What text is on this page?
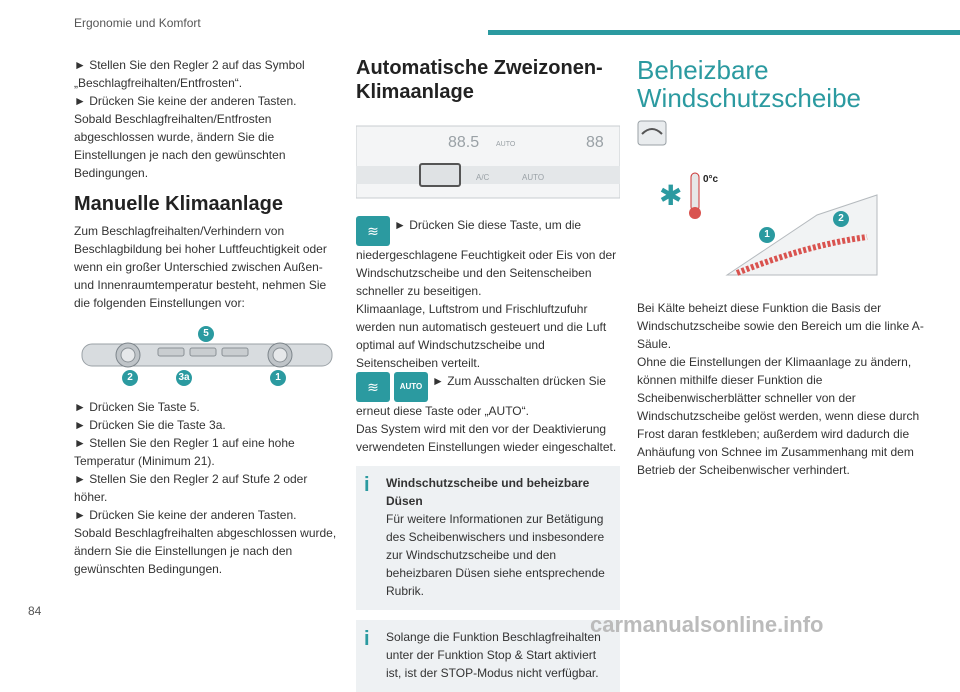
Ergonomie und Komfort

► Stellen Sie den Regler 2 auf das Symbol „Beschlagfreihalten/Entfrosten“.

► Drücken Sie keine der anderen Tasten.

Sobald Beschlagfreihalten/Entfrosten abgeschlossen wurde, ändern Sie die Einstellungen je nach den gewünschten Bedingungen.

Manuelle Klimaanlage

Zum Beschlagfreihalten/Verhindern von Beschlagbildung bei hoher Luftfeuchtigkeit oder wenn ein großer Unterschied zwischen Außen- und Innenraumtemperatur besteht, nehmen Sie die folgenden Einstellungen vor:

5
2	3a	1

► Drücken Sie Taste 5.

► Drücken Sie die Taste 3a.

► Stellen Sie den Regler 1 auf eine hohe Temperatur (Minimum 21).

► Stellen Sie den Regler 2 auf Stufe 2 oder höher.

► Drücken Sie keine der anderen Tasten.

Sobald Beschlagfreihalten abgeschlossen wurde, ändern Sie die Einstellungen je nach den gewünschten Bedingungen.

Automatische Zweizonen-Klimaanlage

88.5 AUTO	88
A/C	AUTO

≋ ► Drücken Sie diese Taste, um die niedergeschlagene Feuchtigkeit oder Eis von der Windschutzscheibe und den Seitenscheiben schneller zu beseitigen.

Klimaanlage, Luftstrom und Frischluftzufuhr werden nun automatisch gesteuert und die Luft optimal auf Windschutzscheibe und Seitenscheiben verteilt.

≋	AUTO ► Zum Ausschalten drücken Sie erneut diese Taste oder „AUTO“.

Das System wird mit den vor der Deaktivierung verwendeten Einstellungen wieder eingeschaltet.

i Windschutzscheibe und beheizbare Düsen

Für weitere Informationen zur Betätigung des Scheibenwischers und insbesondere zur Windschutzscheibe und den beheizbaren Düsen siehe entsprechende Rubrik.

i Solange die Funktion Beschlagfreihalten unter der Funktion Stop & Start aktiviert ist, ist der STOP-Modus nicht verfügbar.

Beheizbare Windschutzscheibe

✱
0°c
1
2

Bei Kälte beheizt diese Funktion die Basis der Windschutzscheibe sowie den Bereich um die linke A-Säule.

Ohne die Einstellungen der Klimaanlage zu ändern, können mithilfe dieser Funktion die Scheibenwischerblätter schneller von der Windschutzscheibe gelöst werden, wenn diese durch Frost daran festkleben; außerdem wird dadurch die Anhäufung von Schnee im Zusammenhang mit dem Betrieb der Scheibenwischer verhindert.

84
carmanualsonline.info
